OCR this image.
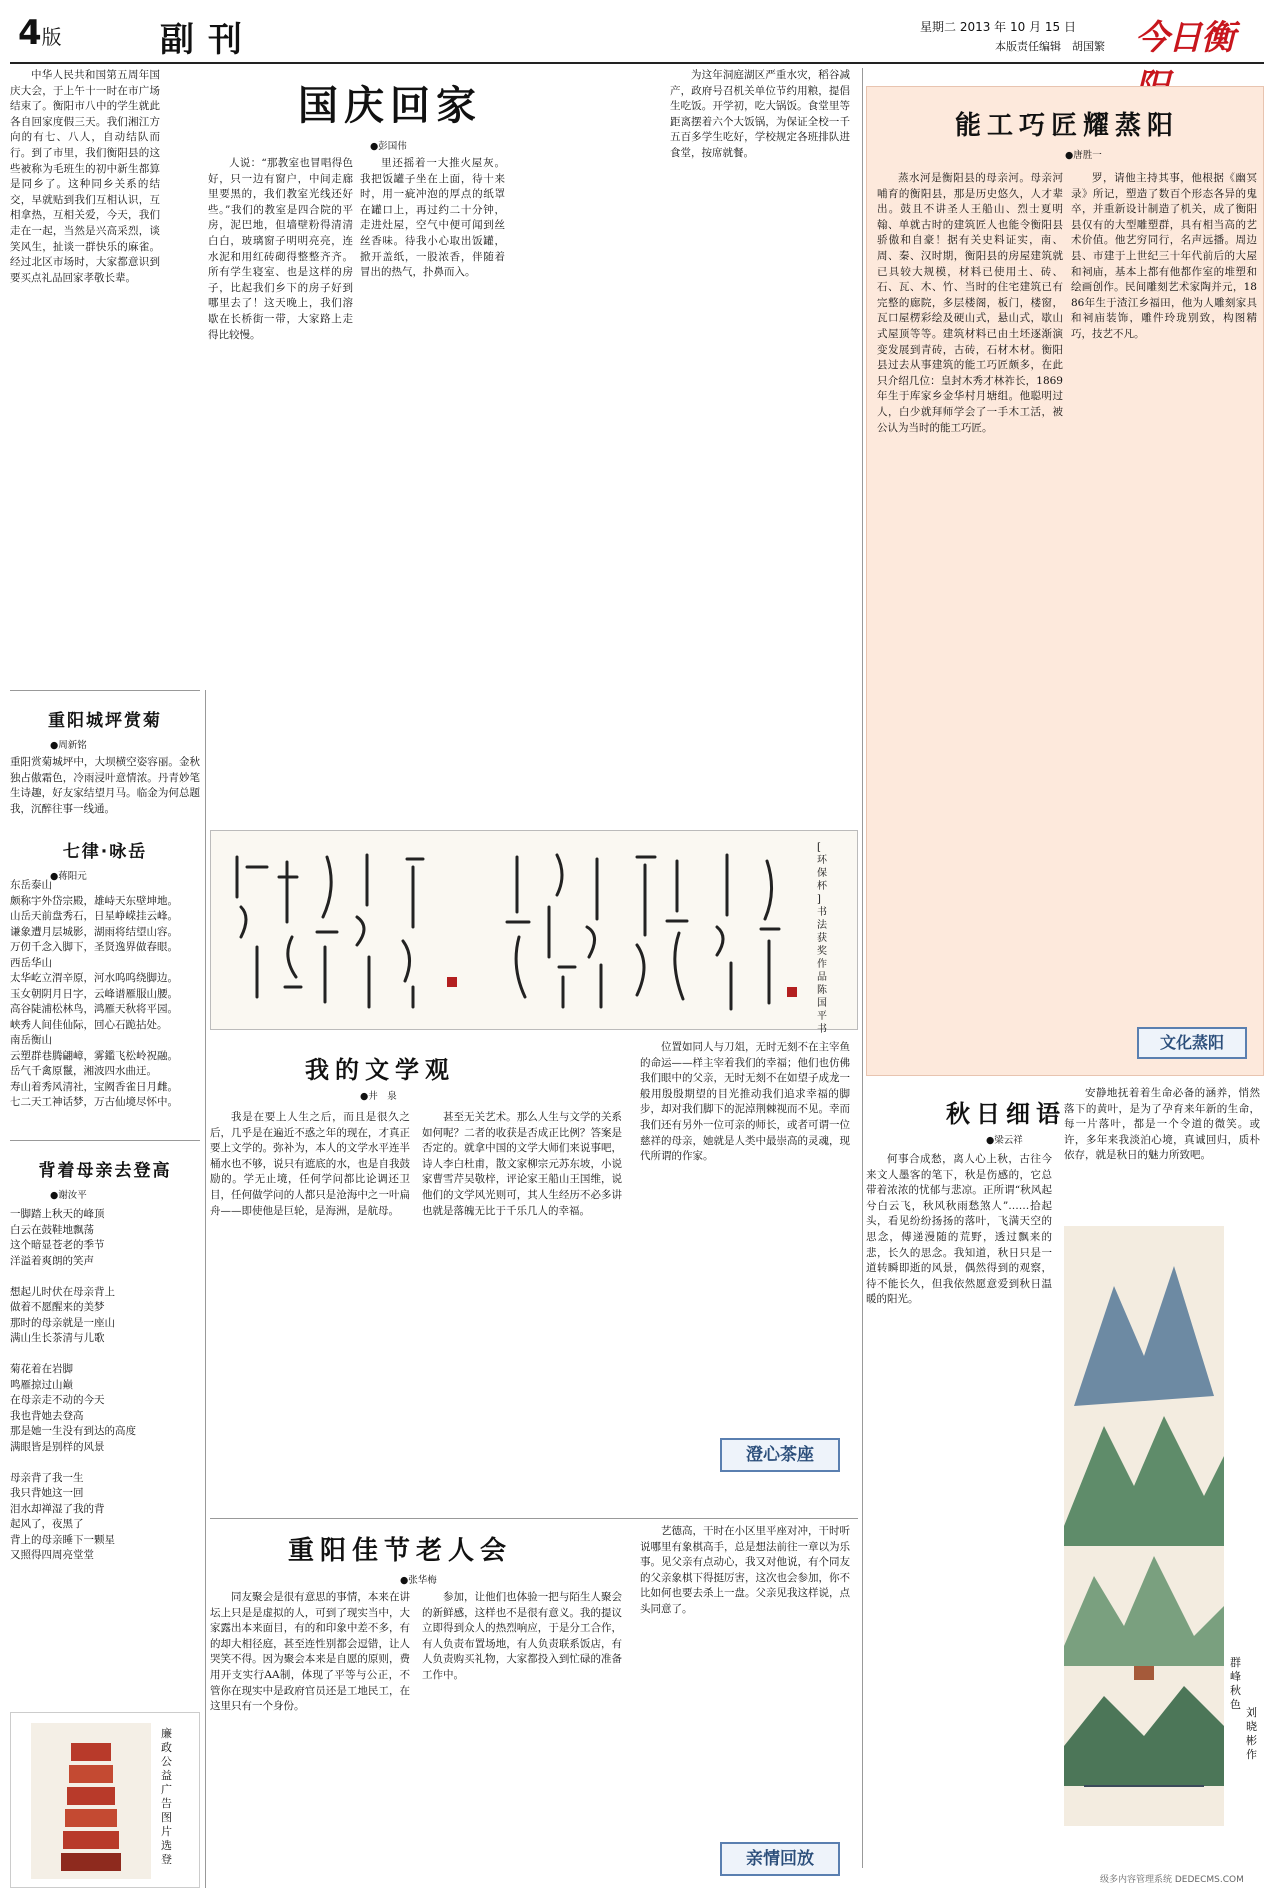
4版	副刊	星期二 2013 年 10 月 15 日
本版责任编辑　胡国繁 今日衡
国庆回家
●彭国伟

中华人民共和国第五周年国庆大会，于上午十一时在市广场结束了。衡阳市八中的学生就此各自回家度假三天。我们湘江方向的有七、八人，自动结队而行。到了市里，我们衡阳县的这些被称为毛班生的初中新生都算是同乡了。这种同乡关系的结交，早就贴到我们互相认识，互相拿热，互相关爱，今天，我们走在一起，当然是兴高采烈，谈笑风生，扯谈一群快乐的麻雀。经过北区市场时，大家都意识到要买点礼品回家孝敬长辈。

人说：“那教室也冒唱得色好，只一边有窗户，中间走廊里要黑的，我们教室光线还好些。”我们的教室是四合院的平房，泥巴地，但墙壁粉得清清白白，玻璃窗子明明亮亮，连水泥和用红砖砌得整整齐齐。所有学生寝室、也是这样的房子，比起我们乡下的房子好到哪里去了！这天晚上，我们溶歇在长桥街一带，大家路上走得比较慢。

里还摇着一大推火屋灰。我把饭罐子坐在上面，待十来时，用一疵冲泡的厚点的纸罩在罐口上，再过约二十分钟，走进灶屋，空气中便可闻到丝丝香味。待我小心取出饭罐，掀开盖纸，一股浓香，伴随着冒出的热气，扑鼻而入。

为这年洞庭湖区严重水灾，稻谷减产，政府号召机关单位节约用粮，提倡生吃饭。开学初，吃大锅饭。食堂里等距离摆着六个大饭锅，为保证全校一千五百多学生吃好，学校规定各班排队进食堂，按席就餐。

重阳城坪赏菊
●周新铭
重阳赏菊城坪中，大坝横空姿容丽。金秋独占傲霜色，冷雨浸叶意情浓。丹青妙笔生诗趣，好友家结望月马。临金为何总题我，沉醉往事一线通。
七律·咏岳
●蒋阳元
东岳泰山
颇称宇外岱宗殿，雄峙天东壁坤地。
山岳天前盘秀石，日星峥嵘挂云峰。
谦象遭月层城影，湖雨将结望山容。
万仞千念入脚下，圣贤逸界做春眼。
西岳华山
太华屹立渭辛原，河水呜呜绕脚边。
玉女朝阴月日字，云峰谱雁服山腰。
高谷陡浦松林鸟，鸿雁天秋将平园。
峡秀人间佳仙际，回心石跪拈处。
南岳衡山
云塑群巷腾翩嶂，雾鑑飞松岭祝融。
岳气千禽原鬣，湘波四水曲迂。
寿山着秀风清社，宝阙香雀日月雌。
七二天工神话梦，万古仙境尽怀中。
背着母亲去登高
●谢汝平
一脚踏上秋天的峰顶
白云在鼓鞋地飘荡
这个暗显苍老的季节
洋溢着爽朗的笑声

想起儿时伏在母亲背上
做着不愿醒来的美梦
那时的母亲就是一座山
满山生长茶清与儿歌

菊花着在岩脚
鸣雁掠过山巅
在母亲走不动的今天
我也背她去登高
那是她一生没有到达的高度
满眼皆是别样的风景

母亲背了我一生
我只背她这一回
泪水却禅湿了我的背
起风了，夜黑了
背上的母亲睡下一颗星
又照得四周亮堂堂
廉政公益广告图片选登
[ 环保杯 ] 书法获奖作品　陈国平　书
我的文学观
●井　泉

我是在要上人生之后，而且是很久之后，几乎是在遍近不惑之年的现在，才真正要上文学的。弥补为，本人的文学水平连半桶水也不够，说只有遮底的水，也是自我鼓励的。学无止境，任何学问都比论调还卫目，任何做学问的人都只是沧海中之一叶扁舟——即使他是巨轮，是海洲，是航母。

甚至无关艺术。那么人生与文学的关系如何呢？二者的收获是否成正比例？答案是否定的。就拿中国的文学大师们来说事吧，诗人李白杜甫，散文家柳宗元苏东坡，小说家曹雪芹吴敬梓，评论家王船山王国维，说他们的文学风光则可，其人生经历不必多讲也就是落魄无比于千乐几人的幸福。

位置如同人与刀俎，无时无刻不在主宰鱼的命运——样主宰着我们的幸福；他们也仿佛我们眼中的父亲，无时无刻不在如望子成龙一般用殷殷期望的目光推动我们追求幸福的脚步，却对我们脚下的泥淖荆棘视而不见。幸而我们还有另外一位可亲的师长，或者可谓一位慈祥的母亲，她就是人类中最崇高的灵魂，现代所谓的作家。

澄心茶座
重阳佳节老人会
●张华梅

同友聚会是很有意思的事情，本来在讲坛上只是是虚拟的人，可到了现实当中，大家露出本来面目，有的和印象中差不多，有的却大相径庭，甚至连性别都会逗错，让人哭笑不得。因为聚会本来是自愿的原则，费用开支实行AA制，体现了平等与公正，不管你在现实中是政府官员还是工地民工，在这里只有一个身份。

参加，让他们也体验一把与陌生人聚会的新鲜感，这样也不是很有意义。我的提议立即得到众人的热烈响应，于是分工合作，有人负责布置场地，有人负责联系饭店，有人负责购买礼物，大家都投入到忙碌的准备工作中。

艺德高，干时在小区里平座对冲，干时听说哪里有象棋高手，总是想法前往一章以为乐事。见父亲有点动心，我又对他说，有个同友的父亲象棋下得挺厉害，这次也会参加，你不比如何也要去杀上一盘。父亲见我这样说，点头同意了。

亲情回放
能工巧匠耀蒸阳
●唐胜一

蒸水河是衡阳县的母亲河。母亲河哺育的衡阳县，那是历史悠久，人才辈出。鼓且不讲圣人王船山、烈士夏明翰、单就古时的建筑匠人也能令衡阳县骄傲和自豪！据有关史料证实，南、周、秦、汉时期，衡阳县的房屋建筑就已具较大规模，材料已使用土、砖、石、瓦、木、竹、当时的住宅建筑已有完整的廊院，多层楼阁，板门，楼窗，瓦口屋楞彩绘及硬山式，悬山式，歇山式屋顶等等。建筑材料已由土坯逐渐演变发展到青砖，古砖，石材木材。衡阳县过去从事建筑的能工巧匠颇多，在此只介绍几位：皇封木秀才林祚长，1869年生于库家乡金华村月塘组。他聪明过人，白少就拜师学会了一手木工活，被公认为当时的能工巧匠。

罗，请他主持其事，他根据《幽冥录》所记，塑造了数百个形态各异的鬼卒，并重新设计制造了机关，成了衡阳县仅有的大型雕塑群，具有相当高的艺术价值。他艺穷同行，名声远播。周边县、市建于上世纪三十年代前后的大屋和祠庙，基本上都有他都作室的堆塑和绘画创作。民间雕刻艺术家陶并元，1886年生于渣江乡福田，他为人雕刻家具和祠庙装饰，雕件玲珑别致，构图精巧，技艺不凡。

文化蒸阳
秋日细语
●梁云祥

何事合成愁，离人心上秋，古往今来文人墨客的笔下，秋是伤感的，它总带着浓浓的忧郁与悲凉。正所谓“秋风起兮白云飞，秋风秋雨愁煞人”……拾起头，看见纷纷扬扬的落叶，飞满天空的思念，傅递漫随的荒野，透过飘来的悲，长久的思念。我知道，秋日只是一道转瞬即逝的风景，偶然得到的观察，待不能长久，但我依然愿意爱到秋日温暖的阳光。

安静地抚着着生命必备的涵养，悄然落下的黄叶，是为了孕育来年新的生命，每一片落叶，都是一个令道的微笑。或许，多年来我淡泊心境，真诚回归，质朴依存，就是秋日的魅力所致吧。

群峰秋色
刘晓彬　作
级多内容管理系统 DEDECMS.COM
